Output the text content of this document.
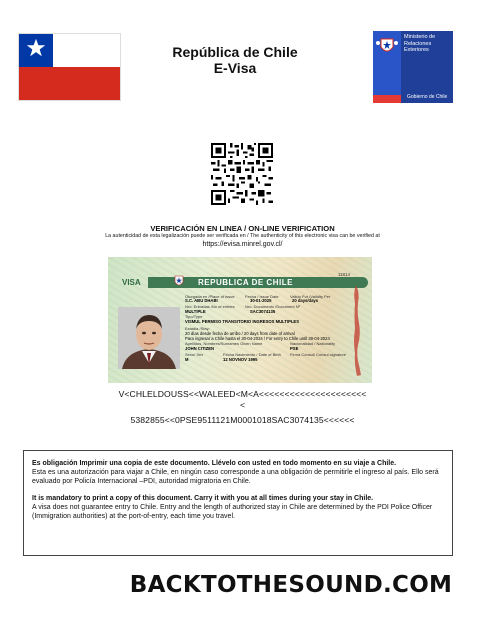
República de Chile
E-Visa
Ministerio de
Relaciones
Exteriores
Gobierno de Chile
VERIFICACIÓN EN LINEA / ON-LINE VERIFICATION
La autenticidad de esta legalización puede ser verificada en / The authenticity of this electronic visa can be verified at
https://evisa.minrel.gov.cl/
VISA	REPUBLICA DE CHILE
11814
Otorgada en /Place of Issue
S.C. ABU DHABI
Fecha / Issue Date
30-01-2025
Valido Por /Validity Per
20 days/days
Nro. Entradas /No of entries
MULTIPLE
Nro. Documento /Document Nº
SAC3074135
Tipo/Type
VISMUL PERMISO TRANSITORIO INGRESOS MULTIPLES
Estadia /Stay:
20 días desde fecha de arribo / 20 days from date of arrival
Para ingresar a Chile hasta el 30-04-2024 / For entry to Chile until 30-04-2024
Apellidos, Nombres/Surnames Given Name
JOHN CITIZEN
Nacionalidad / Nationality
PSE
Sexo/ Sex
M
Fecha Nacimiento / Date of Birth
12 NOVNOV 1995
Firma Cónsul/ Consul signature
V<CHLELDOUSS<<WALEED<M<A<<<<<<<<<<<<<<<<<<<<<
<
5382855<<0PSE9511121M0001018SAC3074135<<<<<<

Es obligación Imprimir una copia de este documento. Llévelo con usted en todo momento en su viaje a Chile.

Esta es una autorización para viajar a Chile, en ningún caso corresponde a una obligación de permitirle el ingreso al país. Ello será evaluado por Policía Internacional –PDI, autoridad migratoria en Chile.

It is mandatory to print a copy of this document. Carry it with you at all times during your stay in Chile.

A visa does not guarantee entry to Chile. Entry and the length of authorized stay in Chile are determined by the PDI Police Officer (Immigration authorities) at the port-of-entry, each time you travel.

BACKTOTHESOUND.COM
